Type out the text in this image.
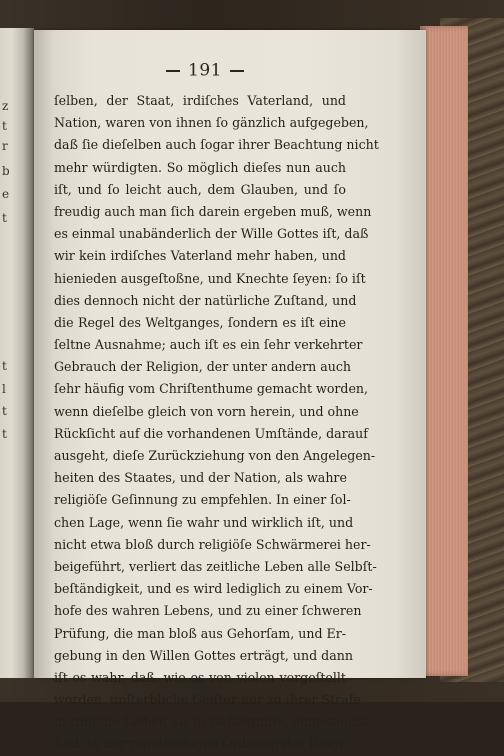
z
t
r
b
e
t
t
l
t
t
191
ſelben, der Staat, irdiſches Vaterland, und
Nation, waren von ihnen ſo gänzlich aufgegeben,
daß ſie dieſelben auch ſogar ihrer Beachtung nicht
mehr würdigten. So möglich dieſes nun auch
iſt, und ſo leicht auch, dem Glauben, und ſo
freudig auch man ſich darein ergeben muß, wenn
es einmal unabänderlich der Wille Gottes iſt, daß
wir kein irdiſches Vaterland mehr haben, und
hienieden ausgeſtoßne, und Knechte ſeyen: ſo iſt
dies dennoch nicht der natürliche Zuſtand, und
die Regel des Weltganges, ſondern es iſt eine
ſeltne Ausnahme; auch iſt es ein ſehr verkehrter
Gebrauch der Religion, der unter andern auch
ſehr häufig vom Chriſtenthume gemacht worden,
wenn dieſelbe gleich von vorn herein, und ohne
Rückſicht auf die vorhandenen Umſtände, darauf
ausgeht, dieſe Zurückziehung von den Angelegen-
heiten des Staates, und der Nation, als wahre
religiöſe Geſinnung zu empfehlen. In einer ſol-
chen Lage, wenn ſie wahr und wirklich iſt, und
nicht etwa bloß durch religiöſe Schwärmerei her-
beigeführt, verliert das zeitliche Leben alle Selbſt-
beſtändigkeit, und es wird lediglich zu einem Vor-
hofe des wahren Lebens, und zu einer ſchweren
Prüfung, die man bloß aus Gehorſam, und Er-
gebung in den Willen Gottes erträgt, und dann
iſt es wahr, daß, wie es von vielen vorgeſtellt
worden, unſterbliche Geiſter nur zu ihrer Strafe
in irdiſche Leiber, als in Gefängniſſe, eingetaucht
ſind. In der regelmäßigen Ordnung der Dinge
